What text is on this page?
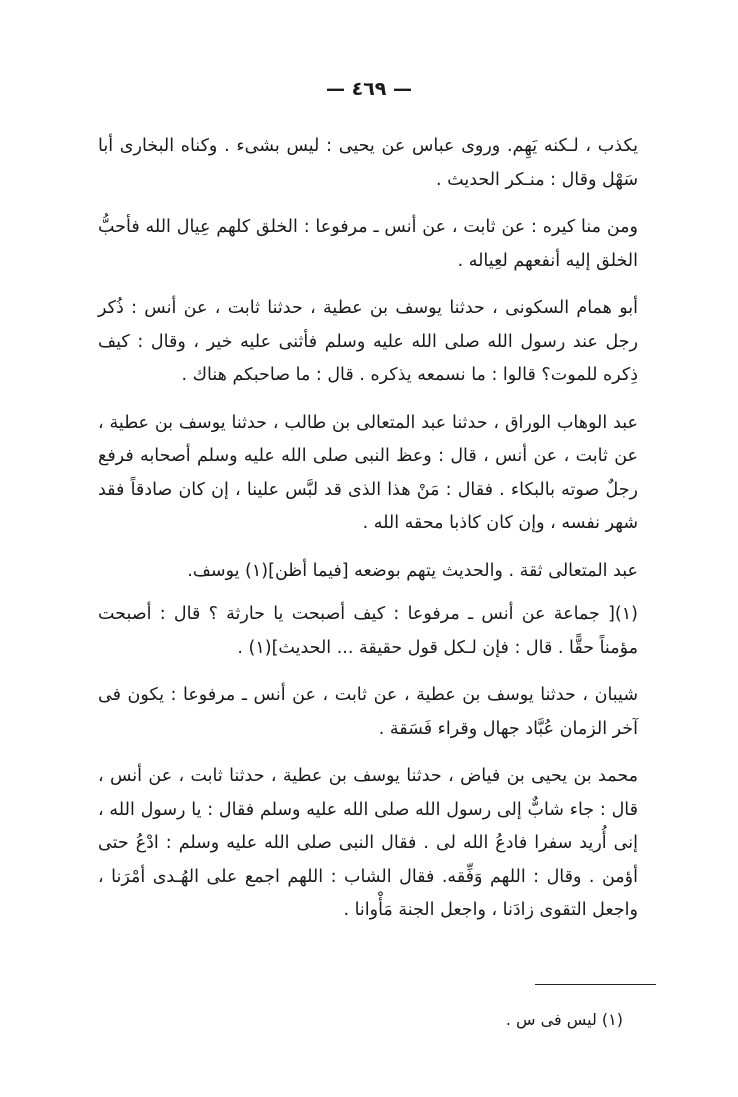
— ٤٦٩ —

يكذب ، لـكنه يَهِم. وروى عباس عن يحيى : ليس بشىء . وكناه البخارى أبا سَهْل وقال : منـكر الحديث .

ومن منا كيره : عن ثابت ، عن أنس ـ مرفوعا : الخلق كلهم عِيال الله فأحبُّ الخلق إليه أنفعهم لعِياله .

أبو همام السكونى ، حدثنا يوسف بن عطية ، حدثنا ثابت ، عن أنس : ذُكر رجل عند رسول الله صلى الله عليه وسلم فأثنى عليه خير ، وقال : كيف ذِكره للموت؟ قالوا : ما نسمعه يذكره . قال : ما صاحبكم هناك .

عبد الوهاب الوراق ، حدثنا عبد المتعالى بن طالب ، حدثنا يوسف بن عطية ، عن ثابت ، عن أنس ، قال : وعظ النبى صلى الله عليه وسلم أصحابه فرفع رجلٌ صوته بالبكاء . فقال : مَنْ هذا الذى قد لبَّس علينا ، إن كان صادقاً فقد شهر نفسه ، وإن كان كاذبا محقه الله .

عبد المتعالى ثقة . والحديث يتهم بوضعه [فيما أظن](١) يوسف.

(١)[ جماعة عن أنس ـ مرفوعا : كيف أصبحت يا حارثة ؟ قال : أصبحت مؤمناً حقًّا . قال : فإن لـكل قول حقيقة ... الحديث](١) .

شيبان ، حدثنا يوسف بن عطية ، عن ثابت ، عن أنس ـ مرفوعا : يكون فى آخر الزمان عُبَّاد جهال وقراء فَسَقة .

محمد بن يحيى بن فياض ، حدثنا يوسف بن عطية ، حدثنا ثابت ، عن أنس ، قال : جاء شابٌّ إلى رسول الله صلى الله عليه وسلم فقال : يا رسول الله ، إنى أُريد سفرا فادعُ الله لى . فقال النبى صلى الله عليه وسلم : ادْعُ حتى أؤمن . وقال : اللهم وَفِّقه. فقال الشاب : اللهم اجمع على الهُـدى أمْرَنا ، واجعل التقوى زادَنا ، واجعل الجنة مَأْوانا .

(١) ليس فى س .
